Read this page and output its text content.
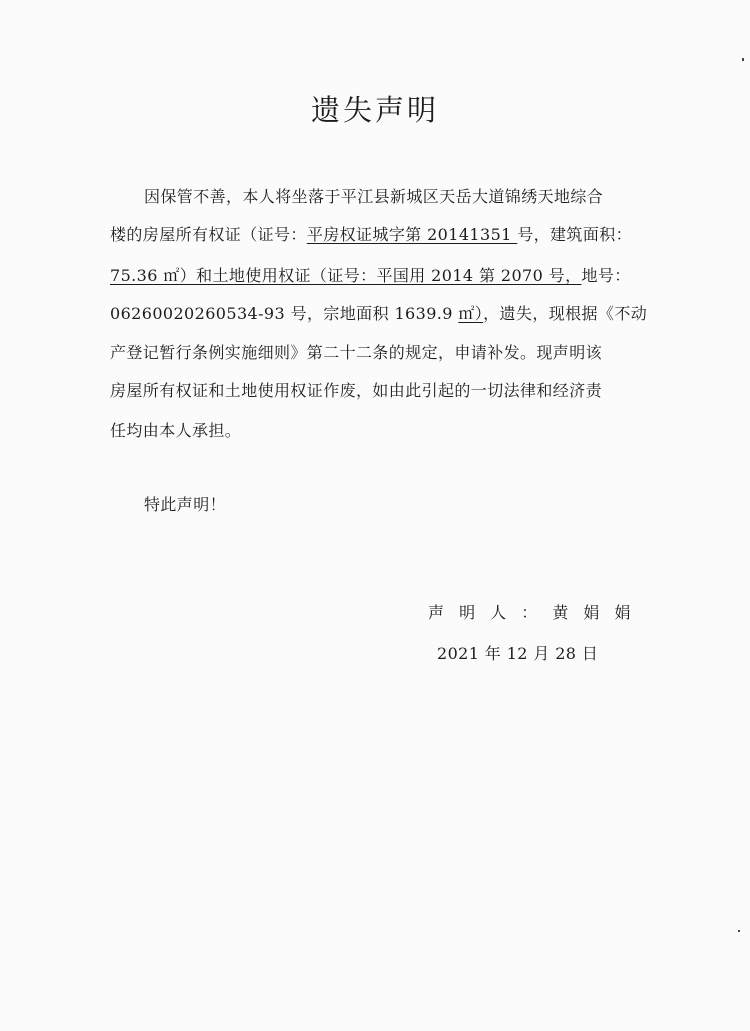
遗失声明

因保管不善，本人将坐落于平江县新城区天岳大道锦绣天地综合

楼的房屋所有权证（证号：平房权证城字第 20141351 号，建筑面积：

75.36 ㎡）和土地使用权证（证号：平国用 2014 第 2070 号，地号：

06260020260534-93 号，宗地面积 1639.9 ㎡），遗失，现根据《不动

产登记暂行条例实施细则》第二十二条的规定，申请补发。现声明该

房屋所有权证和土地使用权证作废，如由此引起的一切法律和经济责

任均由本人承担。

特此声明！

声 明 人 ： 黄 娟 娟

2021 年 12 月 28 日
